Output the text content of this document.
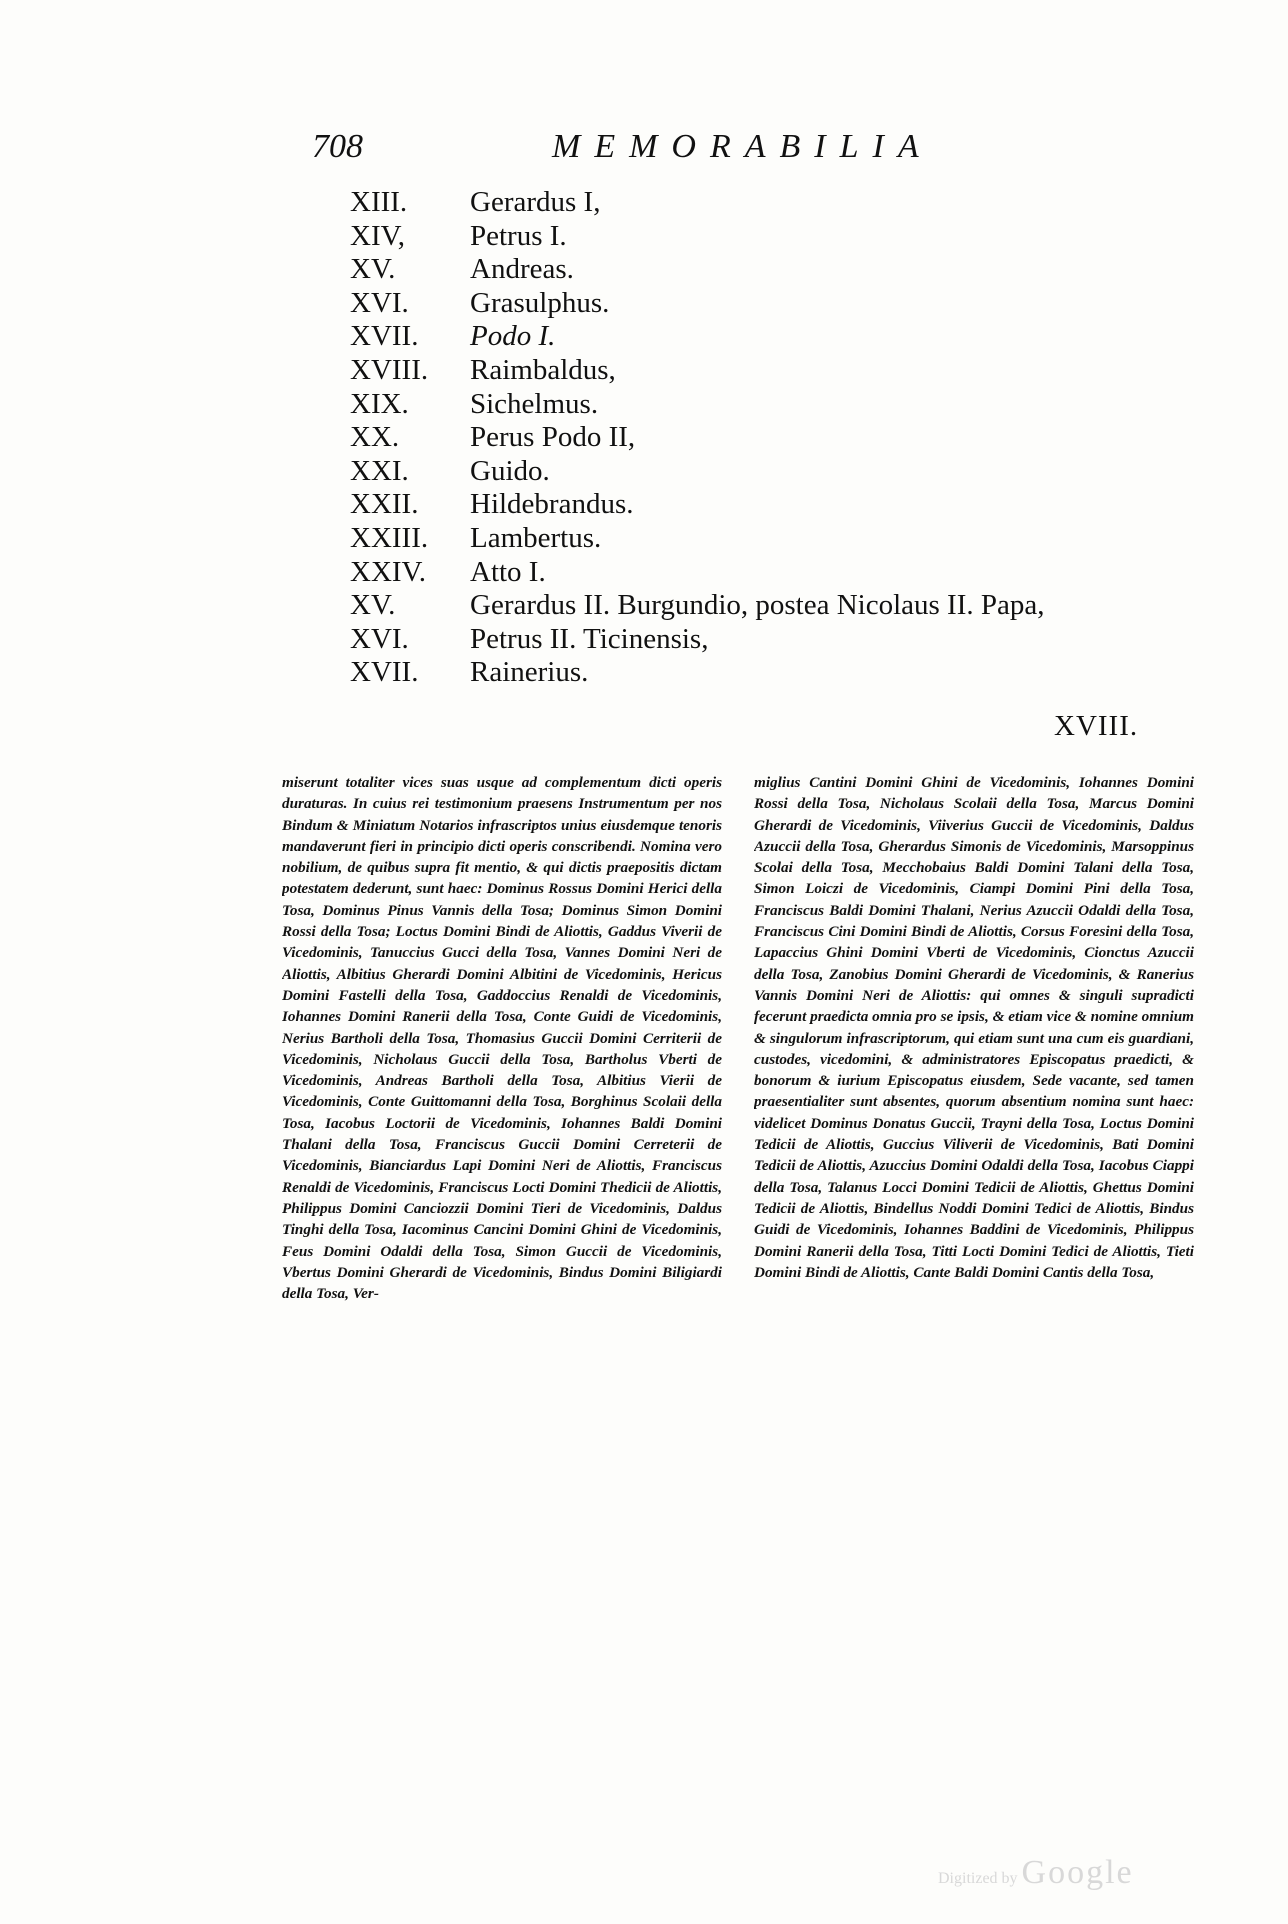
708	MEMORABILIA
XIII. Gerardus I,
XIV, Petrus I.
XV.	Andreas.
XVI. Grasulphus.
XVII. Podo I.
XVIII. Raimbaldus,
XIX. Sichelmus.
XX. Perus Podo II,
XXI. Guido.
XXII. Hildebrandus.
XXIII. Lambertus.
XXIV. Atto I.
XV.	Gerardus II. Burgundio, postea Nicolaus II. Papa,
XVI. Petrus II. Ticinensis,
XVII. Rainerius.
XVIII.
miserunt totaliter vices suas usque ad complementum dicti operis duraturas. In cuius rei testimonium praesens Instrumentum per nos Bindum & Miniatum Notarios infrascriptos unius eiusdemque tenoris mandaverunt fieri in principio dicti operis conscribendi. Nomina vero nobilium, de quibus supra fit mentio, & qui dictis praepositis dictam potestatem dederunt, sunt haec: Dominus Rossus Domini Herici della Tosa, Dominus Pinus Vannis della Tosa; Dominus Simon Domini Rossi della Tosa; Loctus Domini Bindi de Aliottis, Gaddus Viverii de Vicedominis, Tanuccius Gucci della Tosa, Vannes Domini Neri de Aliottis, Albitius Gherardi Domini Albitini de Vicedominis, Hericus Domini Fastelli della Tosa, Gaddoccius Renaldi de Vicedominis, Iohannes Domini Ranerii della Tosa, Conte Guidi de Vicedominis, Nerius Bartholi della Tosa, Thomasius Guccii Domini Cerriterii de Vicedominis, Nicholaus Guccii della Tosa, Bartholus Vberti de Vicedominis, Andreas Bartholi della Tosa, Albitius Vierii de Vicedominis, Conte Guittomanni della Tosa, Borghinus Scolaii della Tosa, Iacobus Loctorii de Vicedominis, Iohannes Baldi Domini Thalani della Tosa, Franciscus Guccii Domini Cerreterii de Vicedominis, Bianciardus Lapi Domini Neri de Aliottis, Franciscus Renaldi de Vicedominis, Franciscus Locti Domini Thedicii de Aliottis, Philippus Domini Canciozzii Domini Tieri de Vicedominis, Daldus Tinghi della Tosa, Iacominus Cancini Domini Ghini de Vicedominis, Feus Domini Odaldi della Tosa, Simon Guccii de Vicedominis, Vbertus Domini Gherardi de Vicedominis, Bindus Domini Biligiardi della Tosa, Ver-
miglius Cantini Domini Ghini de Vicedominis, Iohannes Domini Rossi della Tosa, Nicholaus Scolaii della Tosa, Marcus Domini Gherardi de Vicedominis, Viiverius Guccii de Vicedominis, Daldus Azuccii della Tosa, Gherardus Simonis de Vicedominis, Marsoppinus Scolai della Tosa, Mecchobaius Baldi Domini Talani della Tosa, Simon Loiczi de Vicedominis, Ciampi Domini Pini della Tosa, Franciscus Baldi Domini Thalani, Nerius Azuccii Odaldi della Tosa, Franciscus Cini Domini Bindi de Aliottis, Corsus Foresini della Tosa, Lapaccius Ghini Domini Vberti de Vicedominis, Cionctus Azuccii della Tosa, Zanobius Domini Gherardi de Vicedominis, & Ranerius Vannis Domini Neri de Aliottis: qui omnes & singuli supradicti fecerunt praedicta omnia pro se ipsis, & etiam vice & nomine omnium & singulorum infrascriptorum, qui etiam sunt una cum eis guardiani, custodes, vicedomini, & administratores Episcopatus praedicti, & bonorum & iurium Episcopatus eiusdem, Sede vacante, sed tamen praesentialiter sunt absentes, quorum absentium nomina sunt haec: videlicet Dominus Donatus Guccii, Trayni della Tosa, Loctus Domini Tedicii de Aliottis, Guccius Viliverii de Vicedominis, Bati Domini Tedicii de Aliottis, Azuccius Domini Odaldi della Tosa, Iacobus Ciappi della Tosa, Talanus Locci Domini Tedicii de Aliottis, Ghettus Domini Tedicii de Aliottis, Bindellus Noddi Domini Tedici de Aliottis, Bindus Guidi de Vicedominis, Iohannes Baddini de Vicedominis, Philippus Domini Ranerii della Tosa, Titti Locti Domini Tedici de Aliottis, Tieti Domini Bindi de Aliottis, Cante Baldi Domini Cantis della Tosa,
Digitized by Google
